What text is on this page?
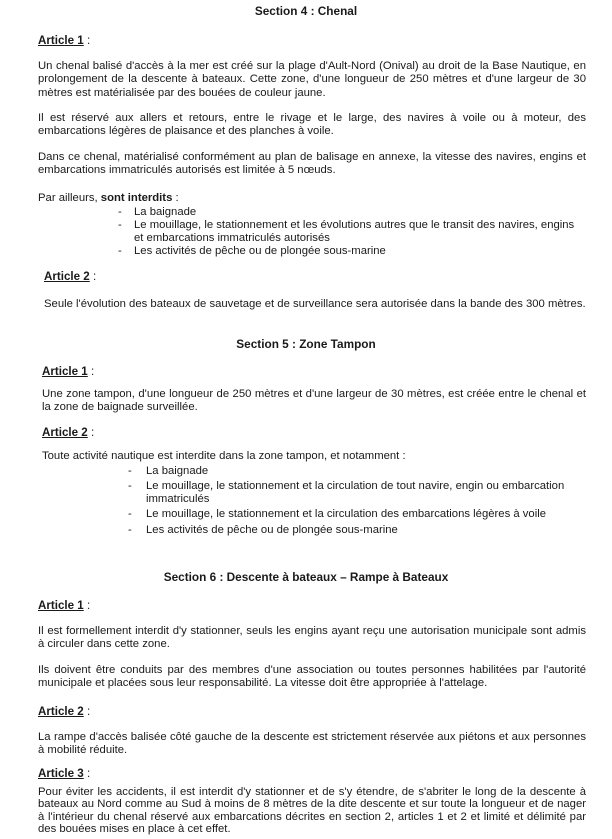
Section 4 : Chenal
Article 1 :
Un chenal balisé d'accès à la mer est créé sur la plage d'Ault-Nord (Onival) au droit de la Base Nautique, en prolongement de la descente à bateaux. Cette zone, d'une longueur de 250 mètres et d'une largeur de 30 mètres est matérialisée par des bouées de couleur jaune.
Il est réservé aux allers et retours, entre le rivage et le large, des navires à voile ou à moteur, des embarcations légères de plaisance et des planches à voile.
Dans ce chenal, matérialisé conformément au plan de balisage en annexe, la vitesse des navires, engins et embarcations immatriculés autorisés est limitée à 5 nœuds.
Par ailleurs, sont interdits :
- La baignade
- Le mouillage, le stationnement et les évolutions autres que le transit des navires, engins et embarcations immatriculés autorisés
- Les activités de pêche ou de plongée sous-marine
Article 2 :
Seule l'évolution des bateaux de sauvetage et de surveillance sera autorisée dans la bande des 300 mètres.
Section 5 : Zone Tampon
Article 1 :
Une zone tampon, d'une longueur de 250 mètres et d'une largeur de 30 mètres, est créée entre le chenal et la zone de baignade surveillée.
Article 2 :
Toute activité nautique est interdite dans la zone tampon, et notamment :
- La baignade
- Le mouillage, le stationnement et la circulation de tout navire, engin ou embarcation immatriculés
- Le mouillage, le stationnement et la circulation des embarcations légères à voile
- Les activités de pêche ou de plongée sous-marine
Section 6 : Descente à bateaux – Rampe à Bateaux
Article 1 :
Il est formellement interdit d'y stationner, seuls les engins ayant reçu une autorisation municipale sont admis à circuler dans cette zone.
Ils doivent être conduits par des membres d'une association ou toutes personnes habilitées par l'autorité municipale et placées sous leur responsabilité. La vitesse doit être appropriée à l'attelage.
Article 2 :
La rampe d'accès balisée côté gauche de la descente est strictement réservée aux piétons et aux personnes à mobilité réduite.
Article 3 :
Pour éviter les accidents, il est interdit d'y stationner et de s'y étendre, de s'abriter le long de la descente à bateaux au Nord comme au Sud à moins de 8 mètres de la dite descente et sur toute la longueur et de nager à l'intérieur du chenal réservé aux embarcations décrites en section 2, articles 1 et 2 et limité et délimité par des bouées mises en place à cet effet.
